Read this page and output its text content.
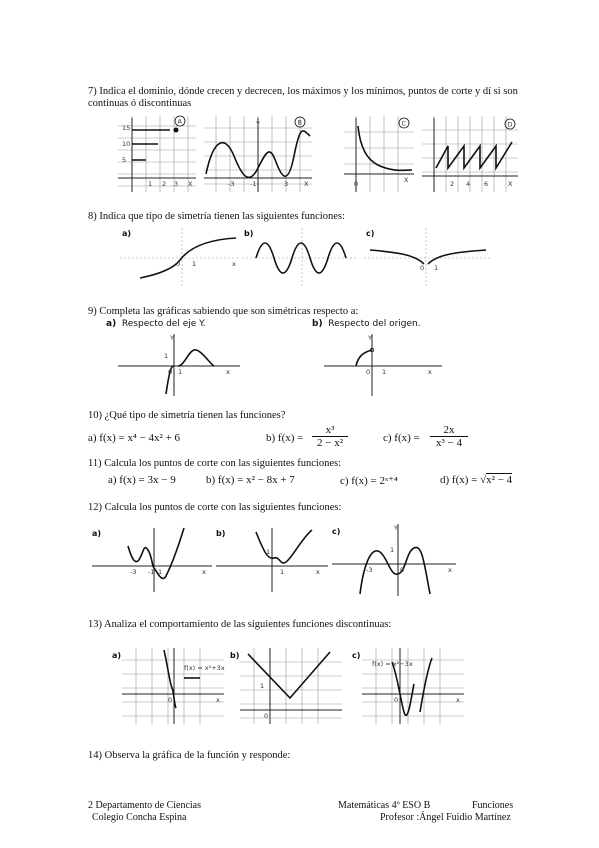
7) Indica el dominio, dónde crecen y decrecen, los máximos y los mínimos, puntos de corte y dí si son continuas ó discontinuas
15
10
5
1 2 3 X
A	Y
-3 -1	3 X
B
0	X
C
2 4 6	X
D
8) Indica que tipo de simetría tienen las siguientes funciones:
a)
0 1	x
b)	c)
0 1
9) Completa las gráficas sabiendo que son simétricas respecto a:
a) Respecto del eje Y.	b) Respecto del origen.
Y
1
0 1	x
Y
0 1	x
10) ¿Qué tipo de simetría tienen las funciones?
a) f(x) = x⁴ − 4x² + 6	b) $f(x) = \frac{\text{x³}}{\text{2 − x²}}$	c) $f(x) = \frac{2x}{\text{x³ − 4}}$
11) Calcula los puntos de corte con las siguientes funciones:
a) f(x) = 3x − 9	b) f(x) = x² − 8x + 7	c) f(x) = 2ˣ⁺⁴	d) f(x) = √x² − 4
12) Calcula los puntos de corte con las siguientes funciones:
a)
-3 -1 1	x
b)
1
1	x
c)	Y
1
-3	0	x
13) Analiza el comportamiento de las siguientes funciones discontinuas:
a)
f(x) = x²+3x
0	x
b)
0
1
c)
f(x) = x²−3x
0	x
14) Observa la gráfica de la función y responde:
2 Departamento de Ciencias
Colegio Concha Espina
Matemáticas 4º ESO B	Funciones
Profesor :Ángel Fuidio Martínez
